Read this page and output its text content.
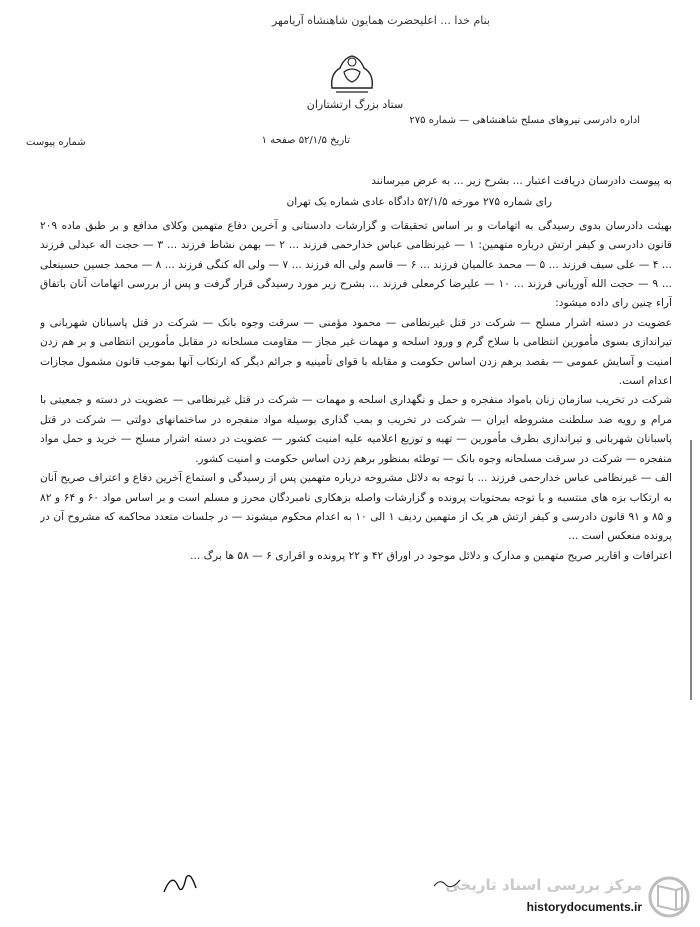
بنام خدا ... اعلیحضرت همایون شاهنشاه آریامهر
ستاد بزرگ ارتشتاران
اداره دادرسی نیروهای مسلح شاهنشاهی — شماره ۲۷۵
تاریخ ۵۲/۱/۵ صفحه ۱
شماره پیوست

به پیوست دادرسان دریافت اعتبار ... بشرح زیر ... به عرض میرسانند

رای شماره ۲۷۵ مورخه ۵۲/۱/۵ دادگاه عادی شماره یک تهران

بهیئت دادرسان بدوی رسیدگی به اتهامات و بر اساس تحقیقات و گزارشات دادستانی و آخرین دفاع متهمین وکلای مدافع و بر طبق ماده ۲۰۹ قانون دادرسی و کیفر ارتش درباره متهمین: ۱ — غیرنظامی عباس خدارحمی فرزند ... ۲ — بهمن نشاط فرزند ... ۳ — حجت اله عبدلی فرزند ... ۴ — علی سیف فرزند ... ۵ — محمد عالمیان فرزند ... ۶ — قاسم ولی اله فرزند ... ۷ — ولی اله کنگی فرزند ... ۸ — محمد جسین حسینعلی ... ۹ — حجت الله آوریانی فرزند ... ۱۰ — علیرضا کرمعلی فرزند ... بشرح زیر مورد رسیدگی قرار گرفت و پس از بررسی اتهامات آنان باتفاق آراء چنین رای داده میشود:

عضویت در دسته اشرار مسلح — شرکت در قتل غیرنظامی — محمود مؤمنی — سرقت وجوه بانک — شرکت در قتل پاسبانان شهربانی و تیراندازی بسوی مأمورین انتظامی با سلاح گرم و ورود اسلحه و مهمات غیر مجاز — مقاومت مسلحانه در مقابل مأمورین انتظامی و بر هم زدن امنیت و آسایش عمومی — بقصد برهم زدن اساس حکومت و مقابله با قوای تأمینیه و جرائم دیگر که ارتکاب آنها بموجب قانون مشمول مجازات اعدام است.

شرکت در تخریب سازمان زنان بامواد منفجره و حمل و نگهداری اسلحه و مهمات — شرکت در قتل غیرنظامی — عضویت در دسته و جمعیتی با مرام و رویه ضد سلطنت مشروطه ایران — شرکت در تخریب و بمب گذاری بوسیله مواد منفجره در ساختمانهای دولتی — شرکت در قتل پاسبانان شهربانی و تیراندازی بطرف مأمورین — تهیه و توزیع اعلامیه علیه امنیت کشور — عضویت در دسته اشرار مسلح — خرید و حمل مواد منفجره — شرکت در سرقت مسلحانه وجوه بانک — توطئه بمنظور برهم زدن اساس حکومت و امنیت کشور.

الف — غیرنظامی عباس خدارحمی فرزند ... با توجه به دلائل مشروحه درباره متهمین پس از رسیدگی و استماع آخرین دفاع و اعتراف صریح آنان به ارتکاب بزه های منتسبه و با توجه بمحتویات پرونده و گزارشات واصله بزهکاری نامبردگان محرز و مسلم است و بر اساس مواد ۶۰ و ۶۴ و ۸۲ و ۸۵ و ۹۱ قانون دادرسی و کیفر ارتش هر یک از متهمین ردیف ۱ الی ۱۰ به اعدام محکوم میشوند — در جلسات متعدد محاکمه که مشروح آن در پرونده منعکس است ...

اعترافات و اقاریر صریح متهمین و مدارک و دلائل موجود در اوراق ۴۲ و ۲۲ پرونده و اقراری ۶ — ۵۸ ها برگ ...

مرکز بررسی اسناد تاریخی
historydocuments.ir
